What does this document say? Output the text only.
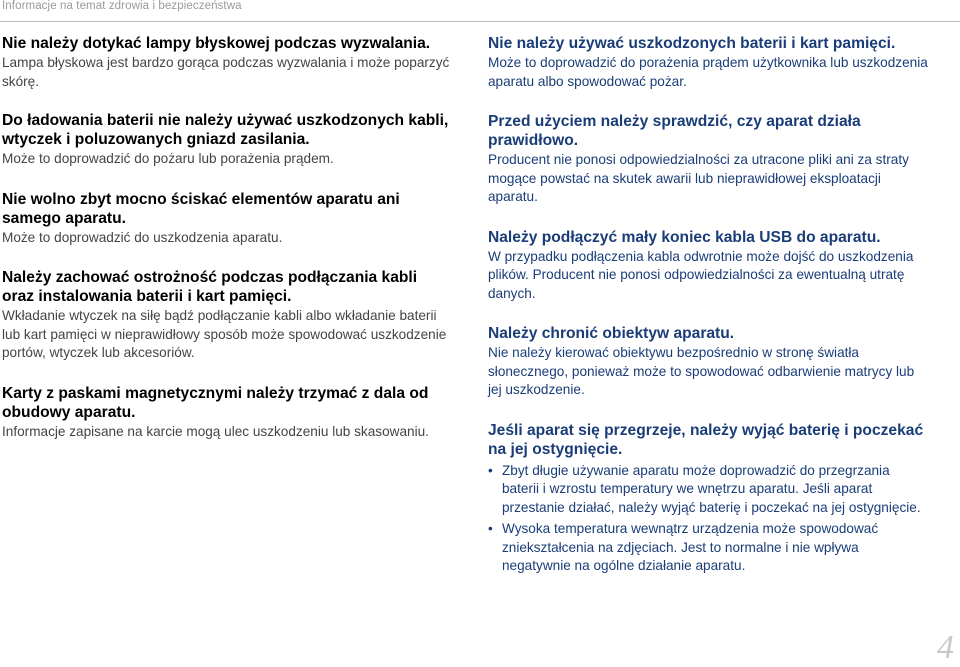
Informacje na temat zdrowia i bezpieczeństwa
Nie należy dotykać lampy błyskowej podczas wyzwalania.

Lampa błyskowa jest bardzo gorąca podczas wyzwalania i może poparzyć skórę.

Do ładowania baterii nie należy używać uszkodzonych kabli, wtyczek i poluzowanych gniazd zasilania.

Może to doprowadzić do pożaru lub porażenia prądem.

Nie wolno zbyt mocno ściskać elementów aparatu ani samego aparatu.

Może to doprowadzić do uszkodzenia aparatu.

Należy zachować ostrożność podczas podłączania kabli oraz instalowania baterii i kart pamięci.

Wkładanie wtyczek na siłę bądź podłączanie kabli albo wkładanie baterii lub kart pamięci w nieprawidłowy sposób może spowodować uszkodzenie portów, wtyczek lub akcesoriów.

Karty z paskami magnetycznymi należy trzymać z dala od obudowy aparatu.

Informacje zapisane na karcie mogą ulec uszkodzeniu lub skasowaniu.

Nie należy używać uszkodzonych baterii i kart pamięci.

Może to doprowadzić do porażenia prądem użytkownika lub uszkodzenia aparatu albo spowodować pożar.

Przed użyciem należy sprawdzić, czy aparat działa prawidłowo.

Producent nie ponosi odpowiedzialności za utracone pliki ani za straty mogące powstać na skutek awarii lub nieprawidłowej eksploatacji aparatu.

Należy podłączyć mały koniec kabla USB do aparatu.

W przypadku podłączenia kabla odwrotnie może dojść do uszkodzenia plików. Producent nie ponosi odpowiedzialności za ewentualną utratę danych.

Należy chronić obiektyw aparatu.

Nie należy kierować obiektywu bezpośrednio w stronę światła słonecznego, ponieważ może to spowodować odbarwienie matrycy lub jej uszkodzenie.

Jeśli aparat się przegrzeje, należy wyjąć baterię i poczekać na jej ostygnięcie.
• Zbyt długie używanie aparatu może doprowadzić do przegrzania baterii i wzrostu temperatury we wnętrzu aparatu. Jeśli aparat przestanie działać, należy wyjąć baterię i poczekać na jej ostygnięcie.
• Wysoka temperatura wewnątrz urządzenia może spowodować zniekształcenia na zdjęciach. Jest to normalne i nie wpływa negatywnie na ogólne działanie aparatu.
4
